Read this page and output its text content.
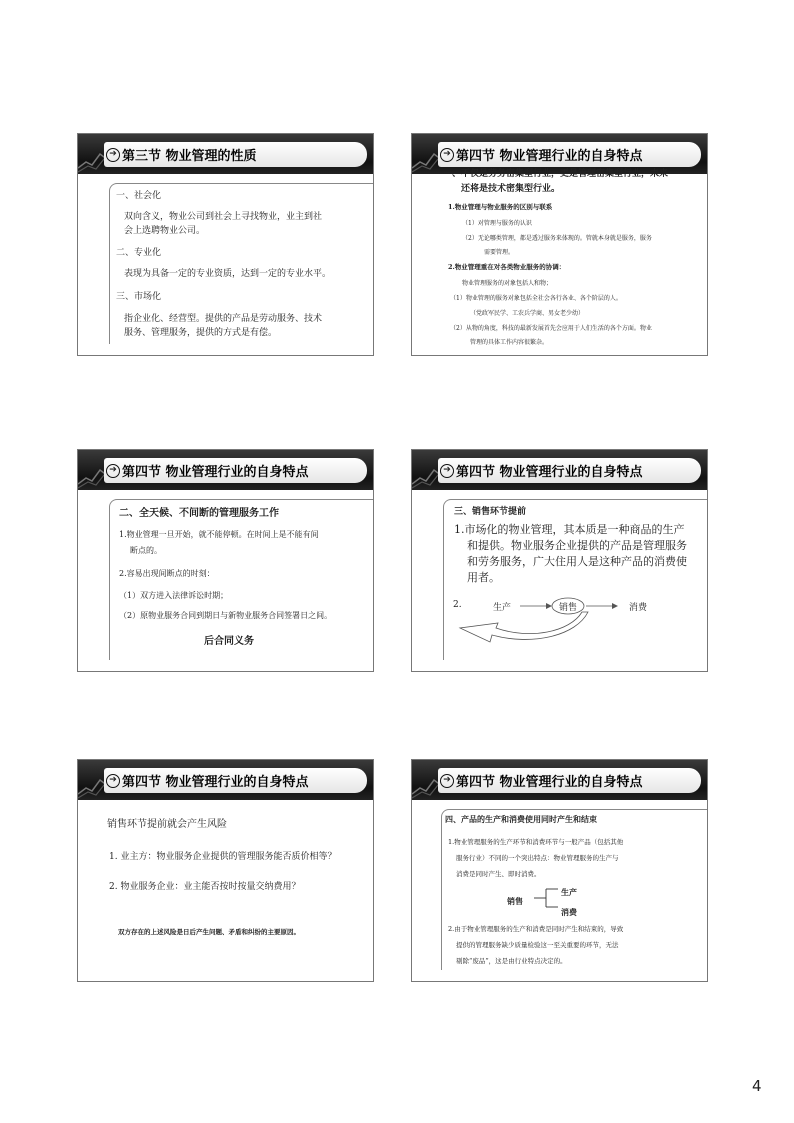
➔ 第三节 物业管理的性质
一、社会化
双向含义，物业公司到社会上寻找物业，业主到社
会上选聘物业公司。
二、专业化
表现为具备一定的专业资质，达到一定的专业水平。
三、市场化
指企业化、经营型。提供的产品是劳动服务、技术
服务、管理服务，提供的方式是有偿。
➔ 第四节 物业管理行业的自身特点
一、不仅是劳务密集型行业，更是管理密集型行业，未来
还将是技术密集型行业。
1.物业管理与物业服务的区别与联系
（1）对管理与服务的认识
（2）无论哪类管理，都是透过服务来体现的。管就本身就是服务，服务
需要管理。
2.物业管理重在对各类物业服务的协调：
物业管理服务的对象包括人和物；
（1）物业管理的服务对象包括全社会各行各业、各个阶层的人。
（党政军民学、工农兵学商、男女老少幼）
（2）从物的角度，科技的最新发展首先会应用于人们生活的各个方面。物业
管理的具体工作内容很繁杂。
➔ 第四节 物业管理行业的自身特点
二、全天候、不间断的管理服务工作
1.物业管理一旦开始，就不能停顿。在时间上是不能有间
断点的。
2.容易出现间断点的时刻：
（1）双方进入法律诉讼时期；
（2）原物业服务合同到期日与新物业服务合同签署日之间。
后合同义务
➔ 第四节 物业管理行业的自身特点
三、销售环节提前
1.市场化的物业管理，其本质是一种商品的生产
和提供。物业服务企业提供的产品是管理服务
和劳务服务，广大住用人是这种产品的消费使
用者。
2.	生产	销售	消费
➔ 第四节 物业管理行业的自身特点
销售环节提前就会产生风险
1. 业主方：物业服务企业提供的管理服务能否质价相等？
2. 物业服务企业：业主能否按时按量交纳费用？
双方存在的上述风险是日后产生问题、矛盾和纠纷的主要原因。
➔ 第四节 物业管理行业的自身特点
四、产品的生产和消费使用同时产生和结束
1.物业管理服务的生产环节和消费环节与一般产品（包括其他
服务行业）不同的一个突出特点：物业管理服务的生产与
消费是同时产生、即时消费。
销售
生产
消费
2.由于物业管理服务的生产和消费是同时产生和结束的，导致
提供的管理服务缺少质量检验这一至关重要的环节，无法
剔除“废品”，这是由行业特点决定的。
4
